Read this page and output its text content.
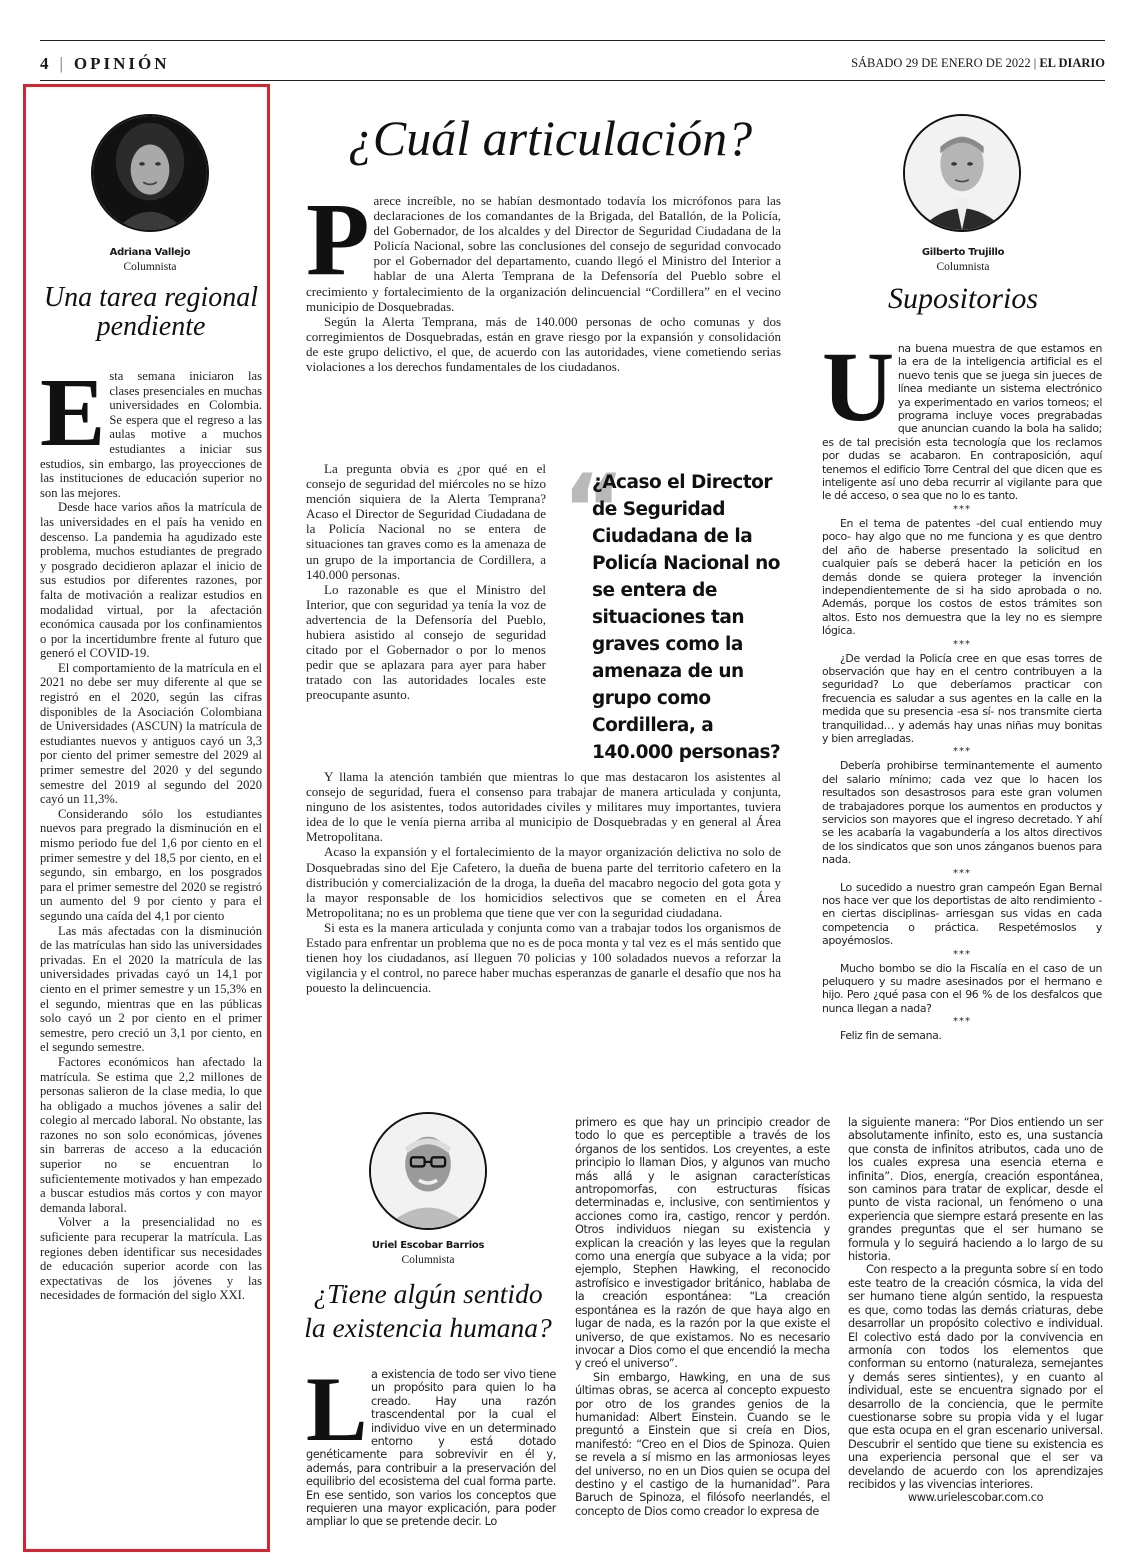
4 | OPINIÓN	SÁBADO 29 DE ENERO DE 2022 | EL DIARIO
Adriana Vallejo
Columnista
Una tarea regional pendiente
E sta semana iniciaron las clases presenciales en muchas universidades en Colombia. Se espera que el regreso a las aulas motive a muchos estudiantes a iniciar sus estudios, sin embargo, las proyecciones de las instituciones de educación superior no son las mejores.

Desde hace varios años la matrícula de las universidades en el país ha venido en descenso. La pandemia ha agudizado este problema, muchos estudiantes de pregrado y posgrado decidieron aplazar el inicio de sus estudios por diferentes razones, por falta de motivación a realizar estudios en modalidad virtual, por la afectación económica causada por los confinamientos o por la incertidumbre frente al futuro que generó el COVID-19.

El comportamiento de la matrícula en el 2021 no debe ser muy diferente al que se registró en el 2020, según las cifras disponibles de la Asociación Colombiana de Universidades (ASCUN) la matrícula de estudiantes nuevos y antiguos cayó un 3,3 por ciento del primer semestre del 2029 al primer semestre del 2020 y del segundo semestre del 2019 al segundo del 2020 cayó un 11,3%.

Considerando sólo los estudiantes nuevos para pregrado la disminución en el mismo periodo fue del 1,6 por ciento en el primer semestre y del 18,5 por ciento, en el segundo, sin embargo, en los posgrados para el primer semestre del 2020 se registró un aumento del 9 por ciento y para el segundo una caída del 4,1 por ciento

Las más afectadas con la disminución de las matrículas han sido las universidades privadas. En el 2020 la matrícula de las universidades privadas cayó un 14,1 por ciento en el primer semestre y un 15,3% en el segundo, mientras que en las públicas solo cayó un 2 por ciento en el primer semestre, pero creció un 3,1 por ciento, en el segundo semestre.

Factores económicos han afectado la matrícula. Se estima que 2,2 millones de personas salieron de la clase media, lo que ha obligado a muchos jóvenes a salir del colegio al mercado laboral. No obstante, las razones no son solo económicas, jóvenes sin barreras de acceso a la educación superior no se encuentran lo suficientemente motivados y han empezado a buscar estudios más cortos y con mayor demanda laboral.

Volver a la presencialidad no es suficiente para recuperar la matrícula. Las regiones deben identificar sus necesidades de educación superior acorde con las expectativas de los jóvenes y las necesidades de formación del siglo XXI.

¿Cuál articulación?
P arece increíble, no se habían desmontado todavía los micrófonos para las declaraciones de los comandantes de la Brigada, del Batallón, de la Policía, del Gobernador, de los alcaldes y del Director de Seguridad Ciudadana de la Policía Nacional, sobre las conclusiones del consejo de seguridad convocado por el Gobernador del departamento, cuando llegó el Ministro del Interior a hablar de una Alerta Temprana de la Defensoría del Pueblo sobre el crecimiento y fortalecimiento de la organización delincuencial “Cordillera” en el vecino municipio de Dosquebradas.

Según la Alerta Temprana, más de 140.000 personas de ocho comunas y dos corregimientos de Dosquebradas, están en grave riesgo por la expansión y consolidación de este grupo delictivo, el que, de acuerdo con las autoridades, viene cometiendo serias violaciones a los derechos fundamentales de los ciudadanos.

La pregunta obvia es ¿por qué en el consejo de seguridad del miércoles no se hizo mención siquiera de la Alerta Temprana? Acaso el Director de Seguridad Ciudadana de la Policía Nacional no se entera de situaciones tan graves como es la amenaza de un grupo de la importancia de Cordillera, a 140.000 personas.

Lo razonable es que el Ministro del Interior, que con seguridad ya tenía la voz de advertencia de la Defensoría del Pueblo, hubiera asistido al consejo de seguridad citado por el Gobernador o por lo menos pedir que se aplazara para ayer para haber tratado con las autoridades locales este preocupante asunto.

“
¿Acaso el Director de Seguridad Ciudadana de la Policía Nacional no se entera de situaciones tan graves como la amenaza de un grupo como Cordillera, a 140.000 personas?

Y llama la atención también que mientras lo que mas destacaron los asistentes al consejo de seguridad, fuera el consenso para trabajar de manera articulada y conjunta, ninguno de los asistentes, todos autoridades civiles y militares muy importantes, tuviera idea de lo que le venía pierna arriba al municipio de Dosquebradas y en general al Área Metropolitana.

Acaso la expansión y el fortalecimiento de la mayor organización delictiva no solo de Dosquebradas sino del Eje Cafetero, la dueña de buena parte del territorio cafetero en la distribución y comercialización de la droga, la dueña del macabro negocio del gota gota y la mayor responsable de los homicidios selectivos que se cometen en el Área Metropolitana; no es un problema que tiene que ver con la seguridad ciudadana.

Si esta es la manera articulada y conjunta como van a trabajar todos los organismos de Estado para enfrentar un problema que no es de poca monta y tal vez es el más sentido que tienen hoy los ciudadanos, así lleguen 70 policias y 100 soladados nuevos a reforzar la vigilancia y el control, no parece haber muchas esperanzas de ganarle el desafío que nos ha pouesto la delincuencia.

Gilberto Trujillo
Columnista
Supositorios
U na buena muestra de que estamos en la era de la inteligencia artificial es el nuevo tenis que se juega sin jueces de línea mediante un sistema electrónico ya experimentado en varios torneos; el programa incluye voces pregrabadas que anuncian cuando la bola ha salido; es de tal precisión esta tecnología que los reclamos por dudas se acabaron. En contraposición, aquí tenemos el edificio Torre Central del que dicen que es inteligente así uno deba recurrir al vigilante para que le dé acceso, o sea que no lo es tanto.

***

En el tema de patentes -del cual entiendo muy poco- hay algo que no me funciona y es que dentro del año de haberse presentado la solicitud en cualquier país se deberá hacer la petición en los demás donde se quiera proteger la invención independientemente de si ha sido aprobada o no. Además, porque los costos de estos trámites son altos. Esto nos demuestra que la ley no es siempre lógica.

***

¿De verdad la Policía cree en que esas torres de observación que hay en el centro contribuyen a la seguridad? Lo que deberíamos practicar con frecuencia es saludar a sus agentes en la calle en la medida que su presencia -esa sí- nos transmite cierta tranquilidad… y además hay unas niñas muy bonitas y bien arregladas.

***

Debería prohibirse terminantemente el aumento del salario mínimo; cada vez que lo hacen los resultados son desastrosos para este gran volumen de trabajadores porque los aumentos en productos y servicios son mayores que el ingreso decretado. Y ahí se les acabaría la vagabundería a los altos directivos de los sindicatos que son unos zánganos buenos para nada.

***

Lo sucedido a nuestro gran campeón Egan Bernal nos hace ver que los deportistas de alto rendimiento -en ciertas disciplinas- arriesgan sus vidas en cada competencia o práctica. Respetémoslos y apoyémoslos.

***

Mucho bombo se dio la Fiscalía en el caso de un peluquero y su madre asesinados por el hermano e hijo. Pero ¿qué pasa con el 96 % de los desfalcos que nunca llegan a nada?

***

Feliz fin de semana.

Uriel Escobar Barrios
Columnista
¿Tiene algún sentido la existencia humana?
L a existencia de todo ser vivo tiene un propósito para quien lo ha creado. Hay una razón trascendental por la cual el individuo vive en un determinado entorno y está dotado genéticamente para sobrevivir en él y, además, para contribuir a la preservación del equilibrio del ecosistema del cual forma parte. En ese sentido, son varios los conceptos que requieren una mayor explicación, para poder ampliar lo que se pretende decir. Lo

primero es que hay un principio creador de todo lo que es perceptible a través de los órganos de los sentidos. Los creyentes, a este principio lo llaman Dios, y algunos van mucho más allá y le asignan características antropomorfas, con estructuras físicas determinadas e, inclusive, con sentimientos y acciones como ira, castigo, rencor y perdón. Otros individuos niegan su existencia y explican la creación y las leyes que la regulan como una energía que subyace a la vida; por ejemplo, Stephen Hawking, el reconocido astrofísico e investigador británico, hablaba de la creación espontánea: “La creación espontánea es la razón de que haya algo en lugar de nada, es la razón por la que existe el universo, de que existamos. No es necesario invocar a Dios como el que encendió la mecha y creó el universo”.

Sin embargo, Hawking, en una de sus últimas obras, se acerca al concepto expuesto por otro de los grandes genios de la humanidad: Albert Einstein. Cuando se le preguntó a Einstein que si creía en Dios, manifestó: “Creo en el Dios de Spinoza. Quien se revela a sí mismo en las armoniosas leyes del universo, no en un Dios quien se ocupa del destino y el castigo de la humanidad”. Para Baruch de Spinoza, el filósofo neerlandés, el concepto de Dios como creador lo expresa de

la siguiente manera: “Por Dios entiendo un ser absolutamente infinito, esto es, una sustancia que consta de infinitos atributos, cada uno de los cuales expresa una esencia eterna e infinita”. Dios, energía, creación espontánea, son caminos para tratar de explicar, desde el punto de vista racional, un fenómeno o una experiencia que siempre estará presente en las grandes preguntas que el ser humano se formula y lo seguirá haciendo a lo largo de su historia.

Con respecto a la pregunta sobre sí en todo este teatro de la creación cósmica, la vida del ser humano tiene algún sentido, la respuesta es que, como todas las demás criaturas, debe desarrollar un propósito colectivo e individual. El colectivo está dado por la convivencia en armonía con todos los elementos que conforman su entorno (naturaleza, semejantes y demás seres sintientes), y en cuanto al individual, este se encuentra signado por el desarrollo de la conciencia, que le permite cuestionarse sobre su propia vida y el lugar que esta ocupa en el gran escenario universal. Descubrir el sentido que tiene su existencia es una experiencia personal que el ser va develando de acuerdo con los aprendizajes recibidos y las vivencias interiores.

www.urielescobar.com.co
